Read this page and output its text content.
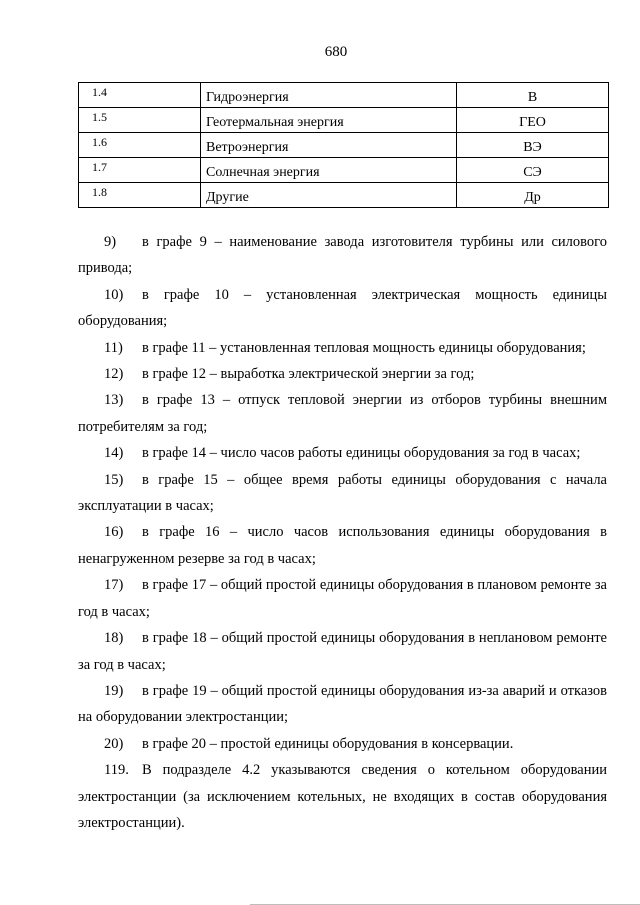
680
1.4	Гидроэнергия	В
1.5	Геотермальная энергия	ГЕО
1.6	Ветроэнергия	ВЭ
1.7	Солнечная энергия	СЭ
1.8	Другие	Др

9) в графе 9 – наименование завода изготовителя турбины или силового привода;

10) в графе 10 – установленная электрическая мощность единицы оборудования;

11) в графе 11 – установленная тепловая мощность единицы оборудования;

12) в графе 12 – выработка электрической энергии за год;

13) в графе 13 – отпуск тепловой энергии из отборов турбины внешним потребителям за год;

14) в графе 14 – число часов работы единицы оборудования за год в часах;

15) в графе 15 – общее время работы единицы оборудования с начала эксплуатации в часах;

16) в графе 16 – число часов использования единицы оборудования в ненагруженном резерве за год в часах;

17) в графе 17 – общий простой единицы оборудования в плановом ремонте за год в часах;

18) в графе 18 – общий простой единицы оборудования в неплановом ремонте за год в часах;

19) в графе 19 – общий простой единицы оборудования из-за аварий и отказов на оборудовании электростанции;

20) в графе 20 – простой единицы оборудования в консервации.

119. В подразделе 4.2 указываются сведения о котельном оборудовании электростанции (за исключением котельных, не входящих в состав оборудования электростанции).
